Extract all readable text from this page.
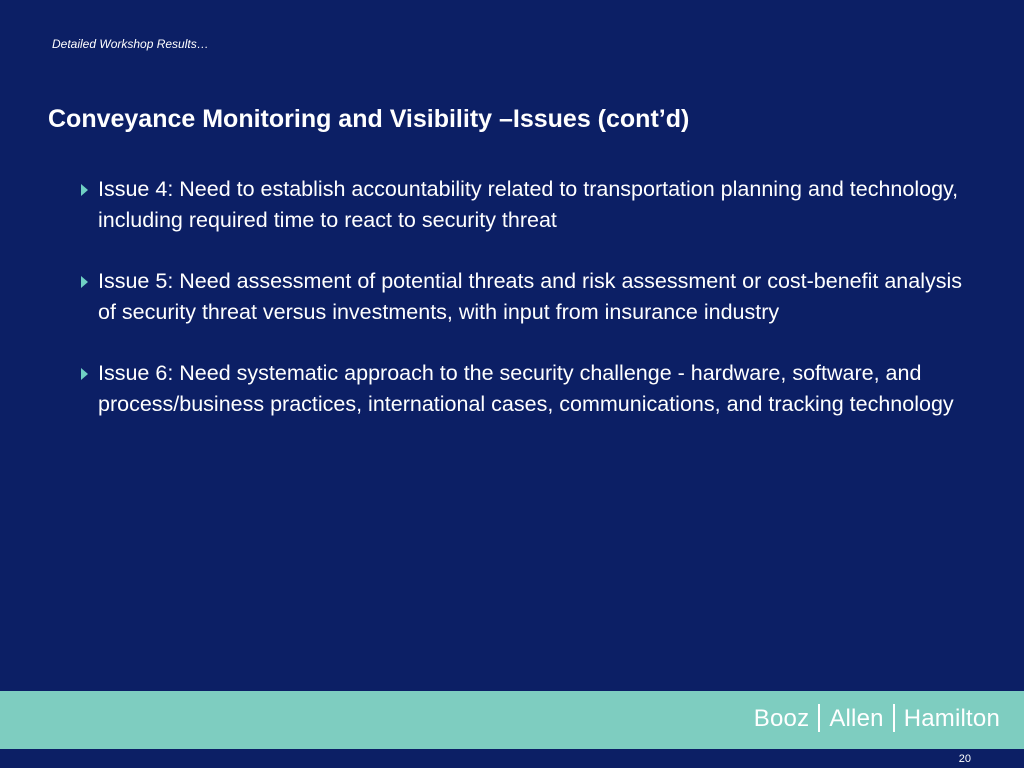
Detailed Workshop Results…
Conveyance Monitoring and Visibility –Issues (cont’d)
Issue 4: Need to establish accountability related to transportation planning and technology, including required time to react to security threat
Issue 5: Need assessment of potential threats and risk assessment or cost-benefit analysis of security threat versus investments, with input from insurance industry
Issue 6: Need systematic approach to the security challenge - hardware, software, and process/business practices, international cases, communications, and tracking technology
Booz Allen Hamilton
20
